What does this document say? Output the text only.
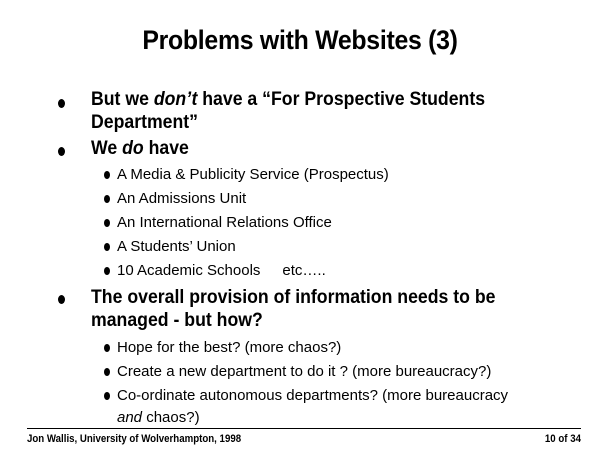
Problems with Websites (3)
But we don’t have a “For Prospective Students
Department”
We do have
A Media & Publicity Service (Prospectus)
An Admissions Unit
An International Relations Office
A Students’ Union
10 Academic Schools etc…..
The overall provision of information needs to be
managed - but how?
Hope for the best? (more chaos?)
Create a new department to do it ? (more bureaucracy?)
Co-ordinate autonomous departments? (more bureaucracy
and chaos?)
Jon Wallis, University of Wolverhampton, 1998	10 of 34
